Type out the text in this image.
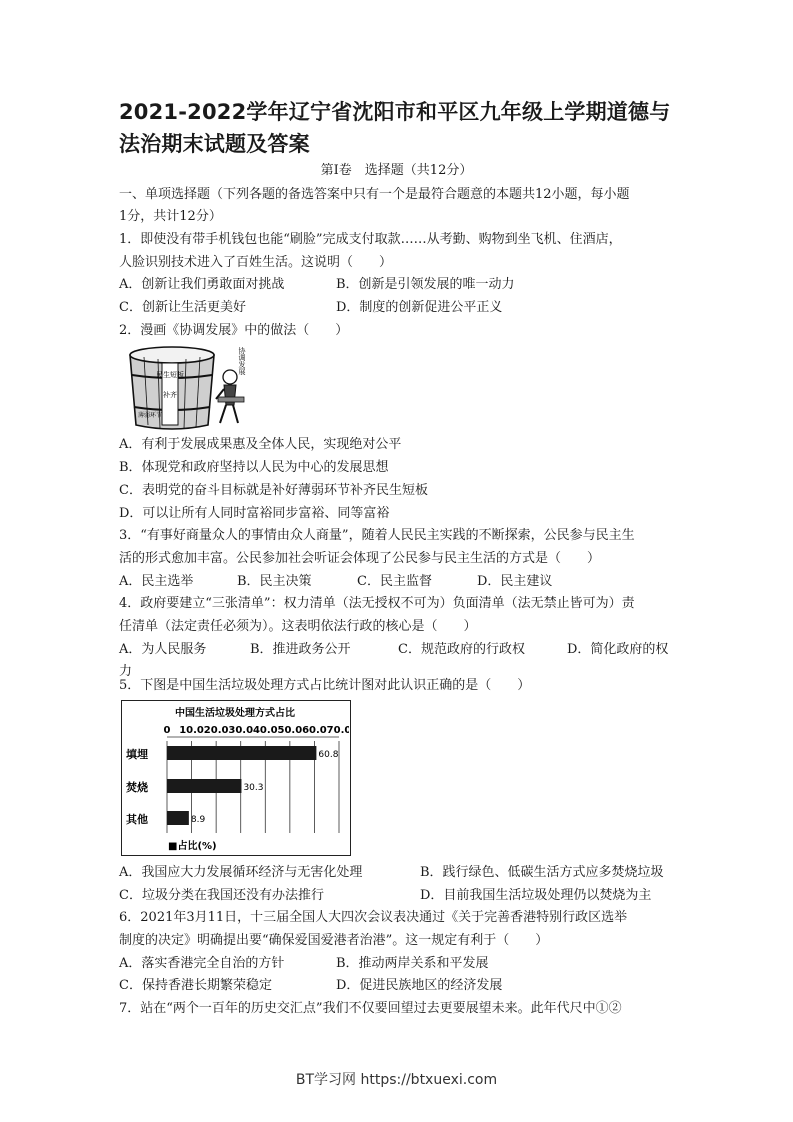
2021-2022学年辽宁省沈阳市和平区九年级上学期道德与法治期末试题及答案
第Ⅰ卷　选择题（共12分）
一、单项选择题（下列各题的备选答案中只有一个是最符合题意的本题共12小题，每小题
1分，共计12分）
1．即使没有带手机钱包也能“刷脸”完成支付取款……从考勤、购物到坐飞机、住酒店，
人脸识别技术进入了百姓生活。这说明（　　）
A．创新让我们勇敢面对挑战	B．创新是引领发展的唯一动力
C．创新让生活更美好	D．制度的创新促进公平正义
2．漫画《协调发展》中的做法（　　）
民生短板
补齐
薄弱环节
协调发展
A．有利于发展成果惠及全体人民，实现绝对公平
B．体现党和政府坚持以人民为中心的发展思想
C．表明党的奋斗目标就是补好薄弱环节补齐民生短板
D．可以让所有人同时富裕同步富裕、同等富裕
3．“有事好商量众人的事情由众人商量”，随着人民民主实践的不断探索，公民参与民主生
活的形式愈加丰富。公民参加社会听证会体现了公民参与民主生活的方式是（　　）
A．民主选举	B．民主决策	C．民主监督	D．民主建议
4．政府要建立“三张清单”：权力清单（法无授权不可为）负面清单（法无禁止皆可为）责
任清单（法定责任必须为）。这表明依法行政的核心是（　　）
A．为人民服务	B．推进政务公开	C．规范政府的行政权	D．简化政府的权
力
5．下图是中国生活垃圾处理方式占比统计图对此认识正确的是（　　）
中国生活垃圾处理方式占比
0 10.0 20.0 30.0 40.0 50.0 60.0 70.0
填埋	60.8
焚烧	30.3
其他	8.9
■占比(%)
A．我国应大力发展循环经济与无害化处理	B．践行绿色、低碳生活方式应多焚烧垃圾
C．垃圾分类在我国还没有办法推行	D．目前我国生活垃圾处理仍以焚烧为主
6．2021年3月11日，十三届全国人大四次会议表决通过《关于完善香港特别行政区选举
制度的决定》明确提出要“确保爱国爱港者治港”。这一规定有利于（　　）
A．落实香港完全自治的方针	B．推动两岸关系和平发展
C．保持香港长期繁荣稳定	D．促进民族地区的经济发展
7．站在“两个一百年的历史交汇点”我们不仅要回望过去更要展望未来。此年代尺中①②
BT学习网 https://btxuexi.com
